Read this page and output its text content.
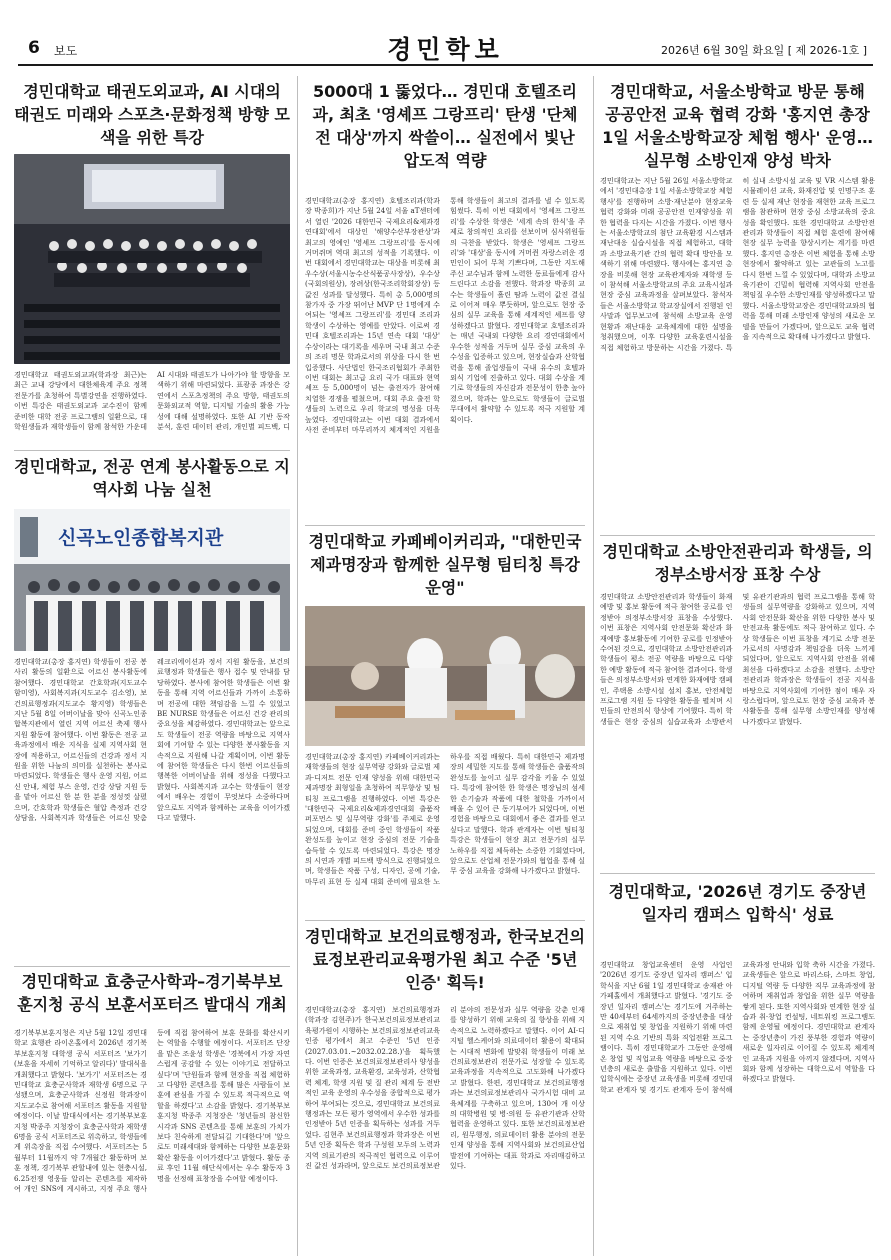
6 보도	경민학보	2026년 6월 30일 화요일 [ 제 2026-1호 ]
경민대학교 태권도외교과, AI 시대의 태권도 미래와 스포츠·문화정책 방향 모색을 위한 특강
경민대학교 태권도외교과(학과장 최근)는 최근 교내 강당에서 대한체육계 주요 정책 전문가를 초청하여 특별강연을 진행하였다. 이번 특강은 태권도외교과 교수진이 함께 준비한 대학 전공 프로그램의 일환으로, 대학원생들과 재학생들이 함께 참석한 가운데 AI 시대와 태권도가 나아가야 할 방향을 모색하기 위해 마련되었다. 표광종 과장은 강연에서 스포츠정책의 주요 방향, 태권도의 문화외교적 역할, 디지털 기술의 활용 가능성에 대해 설명하였다. 또한 AI 기반 동작 분석, 훈련 데이터 관리, 개인별 피드백, 디
경민대학교, 전공 연계 봉사활동으로 지역사회 나눔 실천
신곡노인종합복지관
경민대학교(총장 홍지연) 학생들이 전공 봉사리 활동의 일환으로 어르신 봉사활동에 참여했다. 경민대학교 간호학과(지도교수 함미영), 사회복지과(지도교수 김소영), 보건의료행정과(지도교수 황지영) 학생들은 지난 5월 8일 어버이날을 맞아 신곡노인종합복지관에서 열린 지역 어르신 축제 행사 지원 활동에 참여했다. 이번 활동은 전공 교육과정에서 배운 지식을 실제 지역사회 현장에 적용하고, 어르신들의 건강과 정서 지원을 위한 나눔의 의미를 실천하는 봉사로 마련되었다. 학생들은 행사 운영 지원, 어르신 안내, 체험 부스 운영, 건강 상담 지원 등을 맡아 어르신 한 분 한 분을 정성껏 살폈으며, 간호학과 학생들은 혈압 측정과 건강 상담을, 사회복지과 학생들은 어르신 맞춤 레크리에이션과 정서 지원 활동을, 보건의료행정과 학생들은 행사 접수 및 안내를 담당하였다. 봉사에 참여한 학생들은 이번 활동을 통해 지역 어르신들과 가까이 소통하며 전공에 대한 책임감을 느낄 수 있었고 BE NURSE 학생들은 어르신 건강 관리의 중요성을 체감하였다. 경민대학교는 앞으로도 학생들이 전공 역량을 바탕으로 지역사회에 기여할 수 있는 다양한 봉사활동을 지속적으로 지원해 나갈 계획이며, 이번 활동에 참여한 학생들은 다시 한번 어르신들의 행복한 어버이날을 위해 정성을 다했다고 밝혔다. 사회복지과 교수는 학생들이 현장에서 배우는 경험이 무엇보다 소중하다며 앞으로도 지역과 함께하는 교육을 이어가겠다고 말했다.
경민대학교 효충군사학과–경기북부보훈지청 공식 보훈서포터즈 발대식 개최
경기북부보훈지청은 지난 5월 12일 경민대학교 효행관 라이온홀에서 2026년 경기북부보훈지청 대학생 공식 서포터즈 '보가기(보훈을 자세히 기억하고 알리다)' 발대식을 개최했다고 밝혔다. '보가기' 서포터즈는 경민대학교 효충군사학과 재학생 6명으로 구성됐으며, 효충군사학과 신정원 학과장이 지도교수로 참여해 서포터즈 활동을 지원할 예정이다. 이날 발대식에서는 경기북부보훈지청 박종주 지청장이 효충군사학과 재학생 6명을 공식 서포터즈로 위촉하고, 학생들에게 위촉장을 직접 수여했다. 서포터즈는 5월부터 11월까지 약 7개월간 활동하며 보훈 정책, 경기북부 관할내에 있는 현충시설, 6.25전쟁 영웅들 알리는 콘텐츠를 제작하여 개인 SNS에 게시하고, 지정 주요 행사 등에 직접 참여하여 보훈 문화를 확산시키는 역할을 수행할 예정이다. 서포터즈 단장을 맡은 조윤성 학생은 '경북에서 가장 자연스럽게 공감할 수 있는 이야기로 전달하고 싶다'며 '단원들과 함께 현장을 직접 체험하고 다양한 콘텐츠를 통해 많은 사람들이 보훈에 관심을 가질 수 있도록 적극적으로 역할을 하겠다'고 소감을 밝혔다. 경기북부보훈지청 박종주 지청장은 '청년들의 참신한 시각과 SNS 콘텐츠를 통해 보훈의 가치가 보다 친숙하게 전달되길 기대한다'며 '앞으로도 미래세대와 함께하는 다양한 보훈문화 확산 활동을 이어가겠다'고 밝혔다. 활동 종료 후인 11월 해단식에서는 우수 활동자 3명을 선정해 표창장을 수여할 예정이다.
5000대 1 뚫었다… 경민대 호텔조리과, 최초 '영셰프 그랑프리' 탄생 '단체전 대상'까지 싹쓸이… 실전에서 빛난 압도적 역량
경민대학교(총장 홍지연) 호텔조리과(학과장 박종희)가 지난 5월 24일 서울 aT센터에서 열린 '2026 대한민국 국제요리&제과경연대회'에서 대상인 '해양수산부장관상'과 최고의 영예인 '영셰프 그랑프리'를 동시에 거머쥐며 역대 최고의 성적을 기록했다. 이번 대회에서 경민대학교는 대상을 비롯해 최우수상(서울시농수산식품공사장상), 우수상(국회의원상), 장려상(한국조리학회장상) 등 값진 성과를 달성했다. 특히 총 5,000명의 참가자 중 가장 뛰어난 MVP 단 1명에게 수여되는 '영셰프 그랑프리'를 경민대 조리과 학생이 수상하는 영예를 안았다. 이로써 경민대 호텔조리과는 15년 연속 대회 '대상' 수상이라는 대기록을 세우며 국내 최고 수준의 조리 명문 학과로서의 위상을 다시 한 번 입증했다. 사단법인 한국조리협회가 주최한 이번 대회는 최고급 요리 국가 대표와 현역 셰프 등 5,000명이 넘는 출전자가 참여해 치열한 경쟁을 펼쳤으며, 대회 주요 출전 학생들의 노력으로 우리 학교의 명성을 더욱 높였다. 경민대학교는 이번 대회 결과에서 사전 준비부터 마무리까지 체계적인 지원을 통해 학생들이 최고의 결과를 낼 수 있도록 힘썼다. 특히 이번 대회에서 '영셰프 그랑프리'를 수상한 학생은 '세계 속의 한식'을 주제로 창의적인 요리를 선보이며 심사위원들의 극찬을 받았다. 학생은 '영셰프 그랑프리'와 '대상'을 동시에 거머쥔 자랑스러운 경민인이 되어 무척 기쁘다며, 그동안 지도해 주신 교수님과 함께 노력한 동료들에게 감사드린다고 소감을 전했다. 학과장 박종희 교수는 학생들이 흘린 땀과 노력이 값진 결실로 이어져 매우 뿌듯하며, 앞으로도 현장 중심의 실무 교육을 통해 세계적인 셰프를 양성하겠다고 밝혔다. 경민대학교 호텔조리과는 매년 국내외 다양한 요리 경연대회에서 우수한 성적을 거두며 실무 중심 교육의 우수성을 입증하고 있으며, 현장실습과 산학협력을 통해 졸업생들이 국내 유수의 호텔과 외식 기업에 진출하고 있다. 대회 수상을 계기로 학생들의 자신감과 전문성이 한층 높아졌으며, 학과는 앞으로도 학생들이 글로벌 무대에서 활약할 수 있도록 적극 지원할 계획이다.
경민대학교 카페베이커리과, "대한민국 제과명장과 함께한 실무형 팀티칭 특강 운영"
경민대학교(총장 홍지연) 카페베이커리과는 재학생들의 현장 실무역량 강화와 글로벌 제과·디저트 전문 인재 양성을 위해 대한민국 제과명장 최형일을 초청하여 직무향상 및 팀티칭 프로그램을 진행하였다. 이번 특강은 '대한민국 국제요리&제과경연대회 출품작 퍼포먼스 및 실무역량 강화'를 주제로 운영되었으며, 대회를 준비 중인 학생들이 작품 완성도를 높이고 현장 중심의 전문 기술을 습득할 수 있도록 마련되었다. 특강은 명장의 시연과 개별 피드백 방식으로 진행되었으며, 학생들은 작품 구성, 디자인, 공예 기술, 마무리 표현 등 실제 대회 준비에 필요한 노하우를 직접 배웠다. 특히 대한민국 제과명장의 세밀한 지도를 통해 학생들은 출품작의 완성도를 높이고 실무 감각을 키울 수 있었다. 특강에 참여한 한 학생은 명장님의 섬세한 손기술과 작품에 대한 철학을 가까이서 배울 수 있어 큰 동기부여가 되었다며, 이번 경험을 바탕으로 대회에서 좋은 결과를 얻고 싶다고 말했다. 학과 관계자는 이번 팀티칭 특강은 학생들이 현장 최고 전문가의 실무 노하우를 직접 체득하는 소중한 기회였다며, 앞으로도 산업체 전문가와의 협업을 통해 실무 중심 교육을 강화해 나가겠다고 밝혔다.
경민대학교 보건의료행정과, 한국보건의료정보관리교육평가원 최고 수준 '5년 인증' 획득!
경민대학교(총장 홍지연) 보건의료행정과(학과장 김현주)가 한국보건의료정보관리교육평가원이 시행하는 보건의료정보관리교육 인증 평가에서 최고 수준인 '5년 인증(2027.03.01.~2032.02.28.)'을 획득했다. 이번 인증은 보건의료정보관리사 양성을 위한 교육과정, 교육환경, 교육성과, 산학협력 체계, 학생 지원 및 질 관리 체계 등 전반적인 교육 운영의 우수성을 종합적으로 평가하여 부여되는 것으로, 경민대학교 보건의료행정과는 모든 평가 영역에서 우수한 성과를 인정받아 5년 인증을 획득하는 성과를 거두었다. 김현주 보건의료행정과 학과장은 이번 5년 인증 획득은 학과 구성원 모두의 노력과 지역 의료기관의 적극적인 협력으로 이루어진 값진 성과라며, 앞으로도 보건의료정보관리 분야의 전문성과 실무 역량을 갖춘 인재를 양성하기 위해 교육의 질 향상을 위해 지속적으로 노력하겠다고 말했다. 이어 AI·디지털 헬스케어와 의료데이터 활용이 확대되는 시대적 변화에 발맞춰 학생들이 미래 보건의료정보관리 전문가로 성장할 수 있도록 교육과정을 지속적으로 고도화해 나가겠다고 밝혔다. 한편, 경민대학교 보건의료행정과는 보건의료정보관리사 국가시험 대비 교육체계를 구축하고 있으며, 130여 개 이상의 대학병원 및 병·의원 등 유관기관과 산학협력을 운영하고 있다. 또한 보건의료정보관리, 원무행정, 의료데이터 활용 분야의 전문 인재 양성을 통해 지역사회와 보건의료산업 발전에 기여하는 대표 학과로 자리매김하고 있다.
경민대학교, 서울소방학교 방문 통해 공공안전 교육 협력 강화 '홍지연 총장 1일 서울소방학교장 체험 행사' 운영… 실무형 소방인재 양성 박차
경민대학교는 지난 5월 26일 서울소방학교에서 '경민대총장 1일 서울소방학교장 체험 행사'를 진행하며 소방·재난분야 현장교육 협력 강화와 미래 공공안전 인재양성을 위한 협력을 다지는 시간을 가졌다. 이번 행사는 서울소방학교의 첨단 교육환경 시스템과 재난대응 실습시설을 직접 체험하고, 대학과 소방교육기관 간의 협력 확대 방안을 모색하기 위해 마련됐다. 행사에는 홍지연 총장을 비롯해 현장 교육관계자와 재학생 등이 참석해 서울소방학교의 주요 교육시설과 현장 중심 교육과정을 살펴보았다. 참석자들은 서울소방학교 학교장실에서 진행된 인사말과 업무보고에 참석해 소방교육 운영 현황과 재난대응 교육체계에 대한 설명을 청취했으며, 이후 다양한 교육훈련시설을 직접 체험하고 방문하는 시간을 가졌다. 특히 실내 소방시설 교육 및 VR 시스템 활용 시뮬레이션 교육, 화재진압 및 인명구조 훈련 등 실제 재난 현장을 재현한 교육 프로그램을 참관하며 현장 중심 소방교육의 중요성을 확인했다. 또한 경민대학교 소방안전관리과 학생들이 직접 체험 훈련에 참여해 현장 실무 능력을 향상시키는 계기를 마련했다. 홍지연 총장은 이번 체험을 통해 소방 현장에서 활약하고 있는 교관들의 노고를 다시 한번 느낄 수 있었다며, 대학과 소방교육기관이 긴밀히 협력해 지역사회 안전을 책임질 우수한 소방인재를 양성하겠다고 말했다. 서울소방학교장은 경민대학교와의 협력을 통해 미래 소방인재 양성의 새로운 모델을 만들어 가겠다며, 앞으로도 교육 협력을 지속적으로 확대해 나가겠다고 밝혔다.
경민대학교 소방안전관리과 학생들, 의정부소방서장 표창 수상
경민대학교 소방안전관리과 학생들이 화재예방 및 홍보 활동에 적극 참여한 공로를 인정받아 의정부소방서장 표창을 수상했다. 이번 표창은 지역사회 안전문화 확산과 화재예방 홍보활동에 기여한 공로를 인정받아 수여된 것으로, 경민대학교 소방안전관리과 학생들이 평소 전공 역량을 바탕으로 다양한 예방 활동에 적극 참여한 결과이다. 학생들은 의정부소방서와 연계한 화재예방 캠페인, 주택용 소방시설 설치 홍보, 안전체험 프로그램 지원 등 다양한 활동을 펼치며 시민들의 안전의식 향상에 기여했다. 특히 학생들은 현장 중심의 실습교육과 소방관서 및 유관기관과의 협력 프로그램을 통해 학생들의 실무역량을 강화하고 있으며, 지역사회 안전문화 확산을 위한 다양한 봉사 및 안전교육 활동에도 적극 참여하고 있다. 수상 학생들은 이번 표창을 계기로 소방 전문가로서의 사명감과 책임감을 더욱 느끼게 되었다며, 앞으로도 지역사회 안전을 위해 최선을 다하겠다고 소감을 전했다. 소방안전관리과 학과장은 학생들이 전공 지식을 바탕으로 지역사회에 기여한 점이 매우 자랑스럽다며, 앞으로도 현장 중심 교육과 봉사활동을 통해 실무형 소방인재를 양성해 나가겠다고 밝혔다.
경민대학교, '2026년 경기도 중장년 일자리 캠퍼스 입학식' 성료
경민대학교 창업교육센터 운영 사업인 '2026년 경기도 중장년 일자리 캠퍼스' 입학식을 지난 6월 1일 경민대학교 송재관 아가페홀에서 개최했다고 밝혔다. '경기도 중장년 일자리 캠퍼스'는 경기도에 거주하는 만 40세부터 64세까지의 중장년층을 대상으로 재취업 및 창업을 지원하기 위해 마련된 지역 수요 기반의 특화 직업전환 프로그램이다. 특히 경민대학교가 그동안 운영해 온 창업 및 직업교육 역량을 바탕으로 중장년층의 새로운 출발을 지원하고 있다. 이번 입학식에는 중장년 교육생을 비롯해 경민대학교 관계자 및 경기도 관계자 등이 참석해 교육과정 안내와 입학 축하 시간을 가졌다. 교육생들은 앞으로 바리스타, 스마트 창업, 디지털 역량 등 다양한 직무 교육과정에 참여하며 재취업과 창업을 위한 실무 역량을 쌓게 된다. 또한 지역사회와 연계한 현장 실습과 취·창업 컨설팅, 네트워킹 프로그램도 함께 운영될 예정이다. 경민대학교 관계자는 중장년층이 가진 풍부한 경험과 역량이 새로운 일자리로 이어질 수 있도록 체계적인 교육과 지원을 아끼지 않겠다며, 지역사회와 함께 성장하는 대학으로서 역할을 다하겠다고 밝혔다.
